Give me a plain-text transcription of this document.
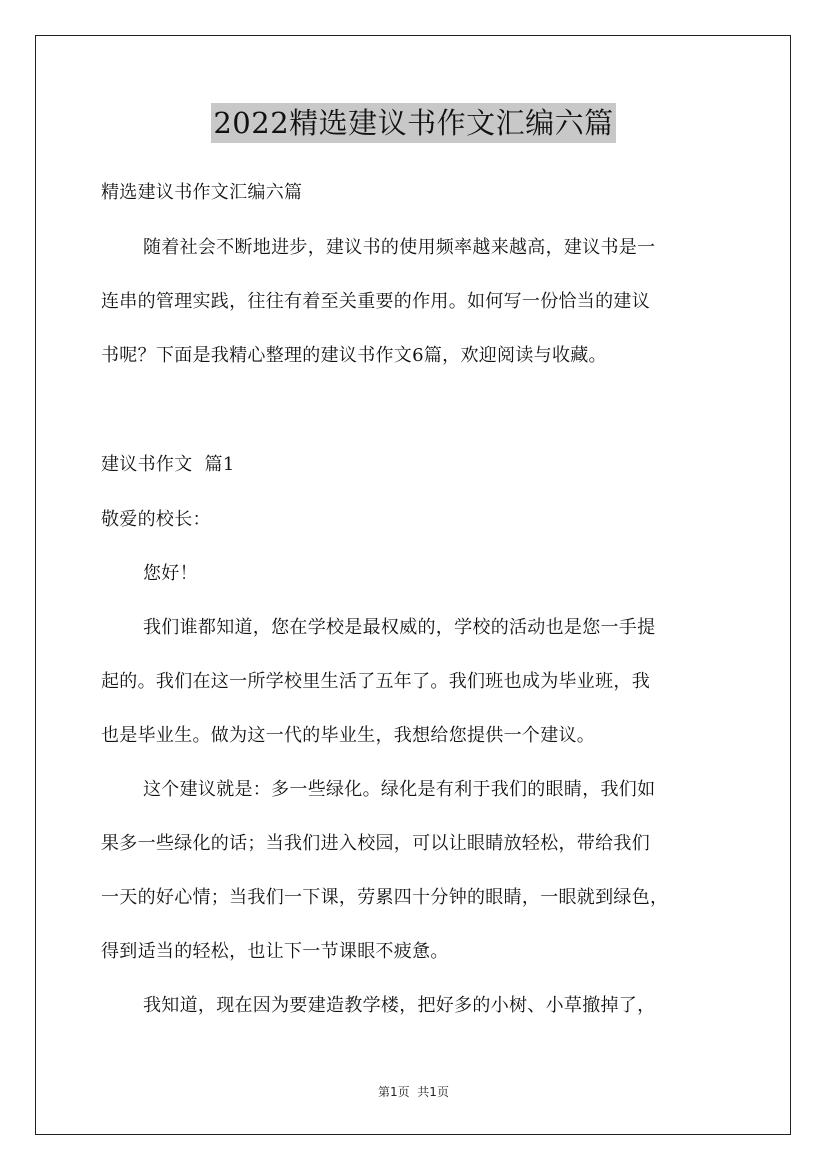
2022精选建议书作文汇编六篇
精选建议书作文汇编六篇
随着社会不断地进步，建议书的使用频率越来越高，建议书是一
连串的管理实践，往往有着至关重要的作用。如何写一份恰当的建议
书呢？下面是我精心整理的建议书作文6篇，欢迎阅读与收藏。
建议书作文  篇1
敬爱的校长：
您好！
我们谁都知道，您在学校是最权威的，学校的活动也是您一手提
起的。我们在这一所学校里生活了五年了。我们班也成为毕业班，我
也是毕业生。做为这一代的毕业生，我想给您提供一个建议。
这个建议就是：多一些绿化。绿化是有利于我们的眼睛，我们如
果多一些绿化的话；当我们进入校园，可以让眼睛放轻松，带给我们
一天的好心情；当我们一下课，劳累四十分钟的眼睛，一眼就到绿色，
得到适当的轻松，也让下一节课眼不疲惫。
我知道，现在因为要建造教学楼，把好多的小树、小草撤掉了，
第1页  共1页
